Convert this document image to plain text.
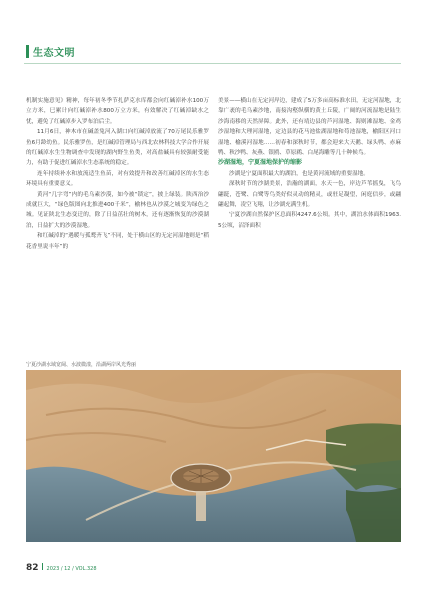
生态文明

机制实施意见》精神，每年初冬季节扎萨克水库都会向红碱淖补水100万立方米，巳累计向红碱淖补水800万立方米，有效解决了红碱淖缺水之忧，避免了红碱淖步入罗布泊后尘。

11月6日，神木市在碱盖兔河入湖口向红碱淖放流了70万尾民乐雅罗鱼6月龄幼鱼。民乐雅罗鱼，是红碱淖管理局与西北农林科技大学合作开展的红碱淖水生生物调查中发现的湖内野生鱼类，对高盐碱具有较强耐受能力，有助于促进红碱淖水生态系统的稳定。

连年持续补水和放流适生鱼苗，对有效提升和改善红碱淖区的水生态环境具有重要意义。

黄河“几字弯”内的毛乌素沙漠，如今被“锁定”，披上绿装。陕西治沙成就巨大，“绿色版图向北推进400千米”，榆林也从沙漠之城变为绿色之城。见证陕北生态变迁的，除了日益茁壮的树木，还有逐渐恢复的沙漠湖泊，日益扩大的沙漠湿地。

和红碱淖的“遇暖与孤鹜齐飞”不同，处于横山区的无定河湿地则是“稻花香里说丰年”的

美景——横山在无定河岸边，建成了5万多亩高标准水田，无定河湿地，北靠广袤的毛乌素沙地，南接沟壑纵横的黄土丘陵，广阔的河流湿地是陆生沙海南移的天然屏障。此外，还有靖边县的芦河湿地、海则滩湿地、金鸡沙湿地和大理河湿地，定边县的花马池盐湖湿地和苟池湿地，榆阳区河口湿地、榆溪河湿地……初春和深秋时节，都会迎来大天鹅、绿头鸭、赤麻鸭、秋沙鸭、灰燕、银鸥、草原鹛、白尾海雕等几十种候鸟。

沙湖湿地，宁夏湿地保护的缩影

沙湖是宁夏面积最大的湖泊，也是黄河流域的重要湿地。

深秋时节的沙湖美景，浩瀚的湖面，水天一色，岸边芦苇摇曳，飞鸟翩跹，苍鹭、白鹭等鸟类好似灵动的精灵，或驻足凝望，闲庭信步，或翩翩起舞，凌空飞翔，让沙湖充满生机。

宁夏沙湖自然保护区总面积4247.6公顷。其中，湖泊水体面积1963.5公顷，沼泽面积

宁夏沙湖水域宽阔、水波微漾，沿湖两岸风光秀丽
82 2023 / 12 / VOL.328
